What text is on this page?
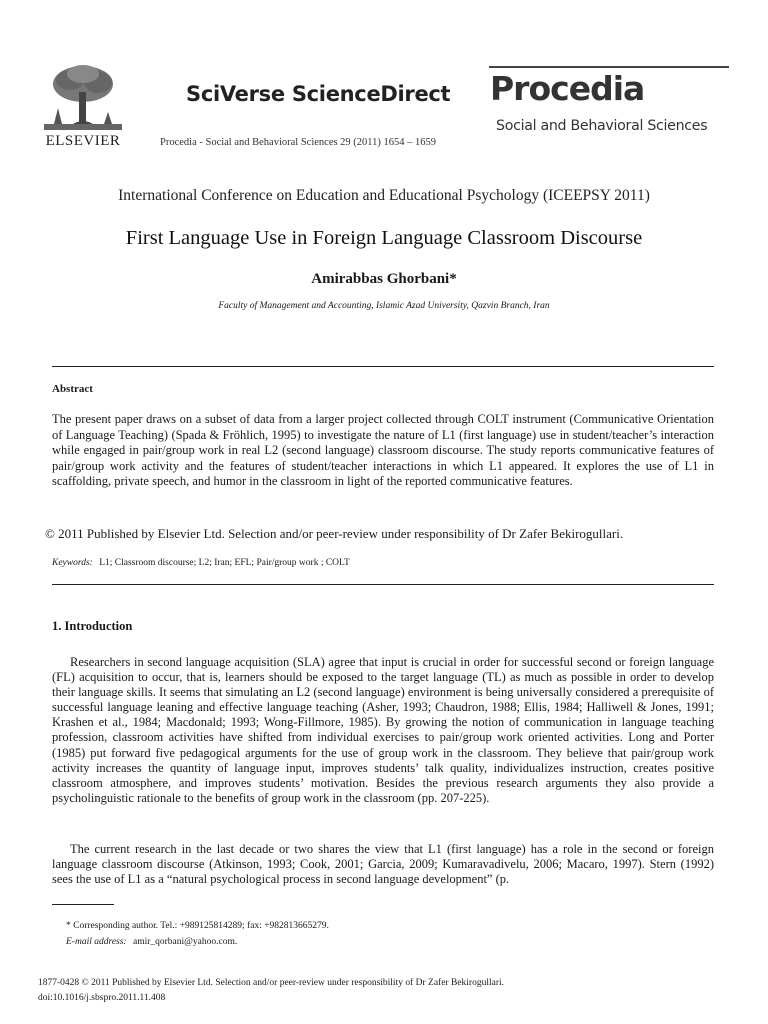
ELSEVIER
SciVerse ScienceDirect
Procedia - Social and Behavioral Sciences 29 (2011) 1654 – 1659
Procedia
Social and Behavioral Sciences
International Conference on Education and Educational Psychology (ICEEPSY 2011)
First Language Use in Foreign Language Classroom Discourse
Amirabbas Ghorbani*
Faculty of Management and Accounting, Islamic Azad University, Qazvin Branch, Iran
Abstract
The present paper draws on a subset of data from a larger project collected through COLT instrument (Communicative Orientation of Language Teaching) (Spada & Fröhlich, 1995) to investigate the nature of L1 (first language) use in student/teacher’s interaction while engaged in pair/group work in real L2 (second language) classroom discourse. The study reports communicative features of pair/group work activity and the features of student/teacher interactions in which L1 appeared. It explores the use of L1 in scaffolding, private speech, and humor in the classroom in light of the reported communicative features.
© 2011 Published by Elsevier Ltd. Selection and/or peer-review under responsibility of Dr Zafer Bekirogullari.
Keywords: L1; Classroom discourse; L2; Iran; EFL; Pair/group work ; COLT
1. Introduction

Researchers in second language acquisition (SLA) agree that input is crucial in order for successful second or foreign language (FL) acquisition to occur, that is, learners should be exposed to the target language (TL) as much as possible in order to develop their language skills. It seems that simulating an L2 (second language) environment is being universally considered a prerequisite of successful language leaning and effective language teaching (Asher, 1993; Chaudron, 1988; Ellis, 1984; Halliwell & Jones, 1991; Krashen et al., 1984; Macdonald; 1993; Wong-Fillmore, 1985). By growing the notion of communication in language teaching profession, classroom activities have shifted from individual exercises to pair/group work oriented activities. Long and Porter (1985) put forward five pedagogical arguments for the use of group work in the classroom. They believe that pair/group work activity increases the quantity of language input, improves students’ talk quality, individualizes instruction, creates positive classroom atmosphere, and improves students’ motivation. Besides the previous research arguments they also provide a psycholinguistic rationale to the benefits of group work in the classroom (pp. 207-225).

The current research in the last decade or two shares the view that L1 (first language) has a role in the second or foreign language classroom discourse (Atkinson, 1993; Cook, 2001; Garcia, 2009; Kumaravadivelu, 2006; Macaro, 1997). Stern (1992) sees the use of L1 as a “natural psychological process in second language development” (p.

* Corresponding author. Tel.: +989125814289; fax: +982813665279.
E-mail address: amir_qorbani@yahoo.com.
1877-0428 © 2011 Published by Elsevier Ltd. Selection and/or peer-review under responsibility of Dr Zafer Bekirogullari.
doi:10.1016/j.sbspro.2011.11.408
